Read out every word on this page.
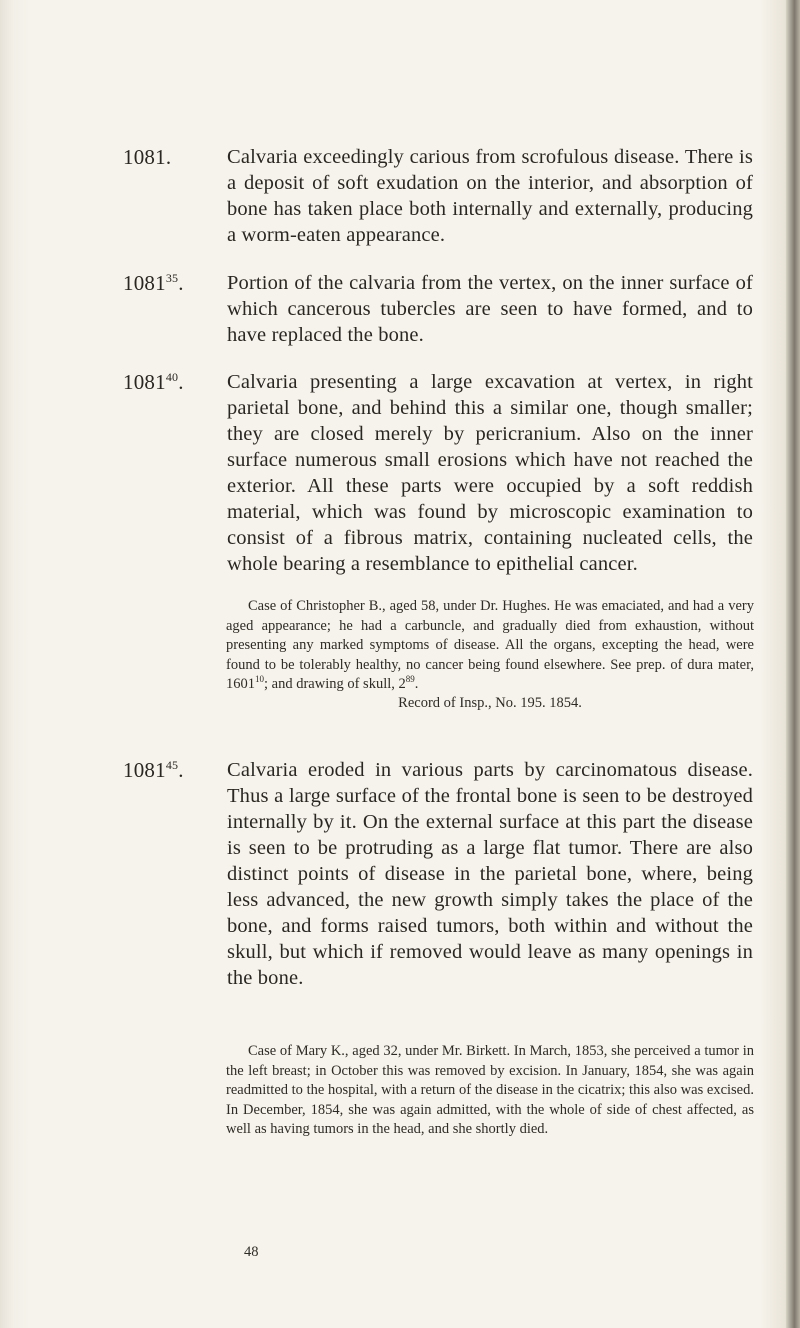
1081.	Calvaria exceedingly carious from scrofulous disease. There is a deposit of soft exudation on the interior, and absorption of bone has taken place both internally and externally, producing a worm-eaten appearance.
1081$^{35}$. Portion of the calvaria from the vertex, on the inner surface of which cancerous tubercles are seen to have formed, and to have replaced the bone.
1081$^{40}$. Calvaria presenting a large excavation at vertex, in right parietal bone, and behind this a similar one, though smaller; they are closed merely by pericranium. Also on the inner surface numerous small erosions which have not reached the exterior. All these parts were occupied by a soft reddish material, which was found by microscopic examination to consist of a fibrous matrix, containing nucleated cells, the whole bearing a resemblance to epithelial cancer.
Case of Christopher B., aged 58, under Dr. Hughes. He was emaciated, and had a very aged appearance; he had a carbuncle, and gradually died from exhaustion, without presenting any marked symptoms of disease. All the organs, excepting the head, were found to be tolerably healthy, no cancer being found elsewhere. See prep. of dura mater, 1601$^{10}$; and drawing of skull, $2^{89}$.
Record of Insp., No. 195. 1854.
1081$^{45}$. Calvaria eroded in various parts by carcinomatous disease. Thus a large surface of the frontal bone is seen to be destroyed internally by it. On the external surface at this part the disease is seen to be protruding as a large flat tumor. There are also distinct points of disease in the parietal bone, where, being less advanced, the new growth simply takes the place of the bone, and forms raised tumors, both within and without the skull, but which if removed would leave as many openings in the bone.
Case of Mary K., aged 32, under Mr. Birkett. In March, 1853, she perceived a tumor in the left breast; in October this was removed by excision. In January, 1854, she was again readmitted to the hospital, with a return of the disease in the cicatrix; this also was excised. In December, 1854, she was again admitted, with the whole of side of chest affected, as well as having tumors in the head, and she shortly died.
48
